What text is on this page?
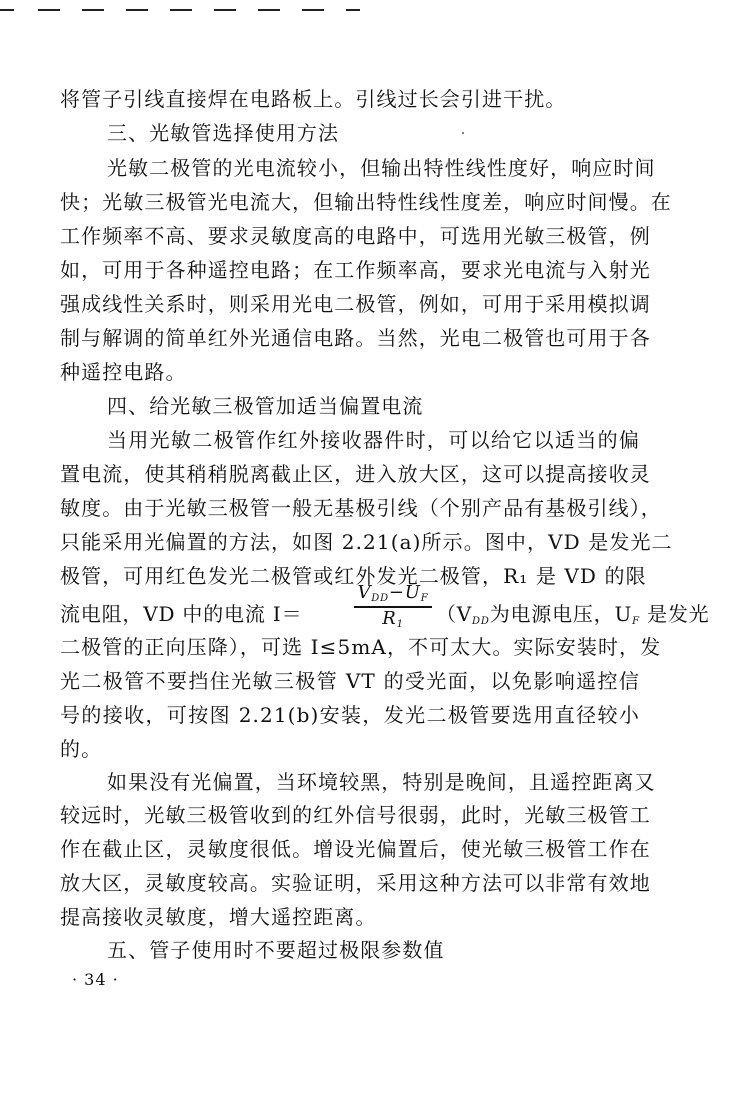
将管子引线直接焊在电路板上。引线过长会引进干扰。
三、光敏管选择使用方法
光敏二极管的光电流较小，但输出特性线性度好，响应时间
快；光敏三极管光电流大，但输出特性线性度差，响应时间慢。在
工作频率不高、要求灵敏度高的电路中，可选用光敏三极管，例
如，可用于各种遥控电路；在工作频率高，要求光电流与入射光
强成线性关系时，则采用光电二极管，例如，可用于采用模拟调
制与解调的简单红外光通信电路。当然，光电二极管也可用于各
种遥控电路。
四、给光敏三极管加适当偏置电流
当用光敏二极管作红外接收器件时，可以给它以适当的偏
置电流，使其稍稍脱离截止区，进入放大区，这可以提高接收灵
敏度。由于光敏三极管一般无基极引线（个别产品有基极引线），
只能采用光偏置的方法，如图 2.21(a)所示。图中，VD 是发光二
极管，可用红色发光二极管或红外发光二极管，R₁ 是 VD 的限
流电阻，VD 中的电流 I＝
$V_{DD}-U_F$
$R_1$	（$V_{DD}$为电源电压，$U_F$ 是发光
二极管的正向压降），可选 I≤5mA，不可太大。实际安装时，发
光二极管不要挡住光敏三极管 VT 的受光面，以免影响遥控信
号的接收，可按图 2.21(b)安装，发光二极管要选用直径较小
的。
如果没有光偏置，当环境较黑，特别是晚间，且遥控距离又
较远时，光敏三极管收到的红外信号很弱，此时，光敏三极管工
作在截止区，灵敏度很低。增设光偏置后，使光敏三极管工作在
放大区，灵敏度较高。实验证明，采用这种方法可以非常有效地
提高接收灵敏度，增大遥控距离。
五、管子使用时不要超过极限参数值
· 34 ·
